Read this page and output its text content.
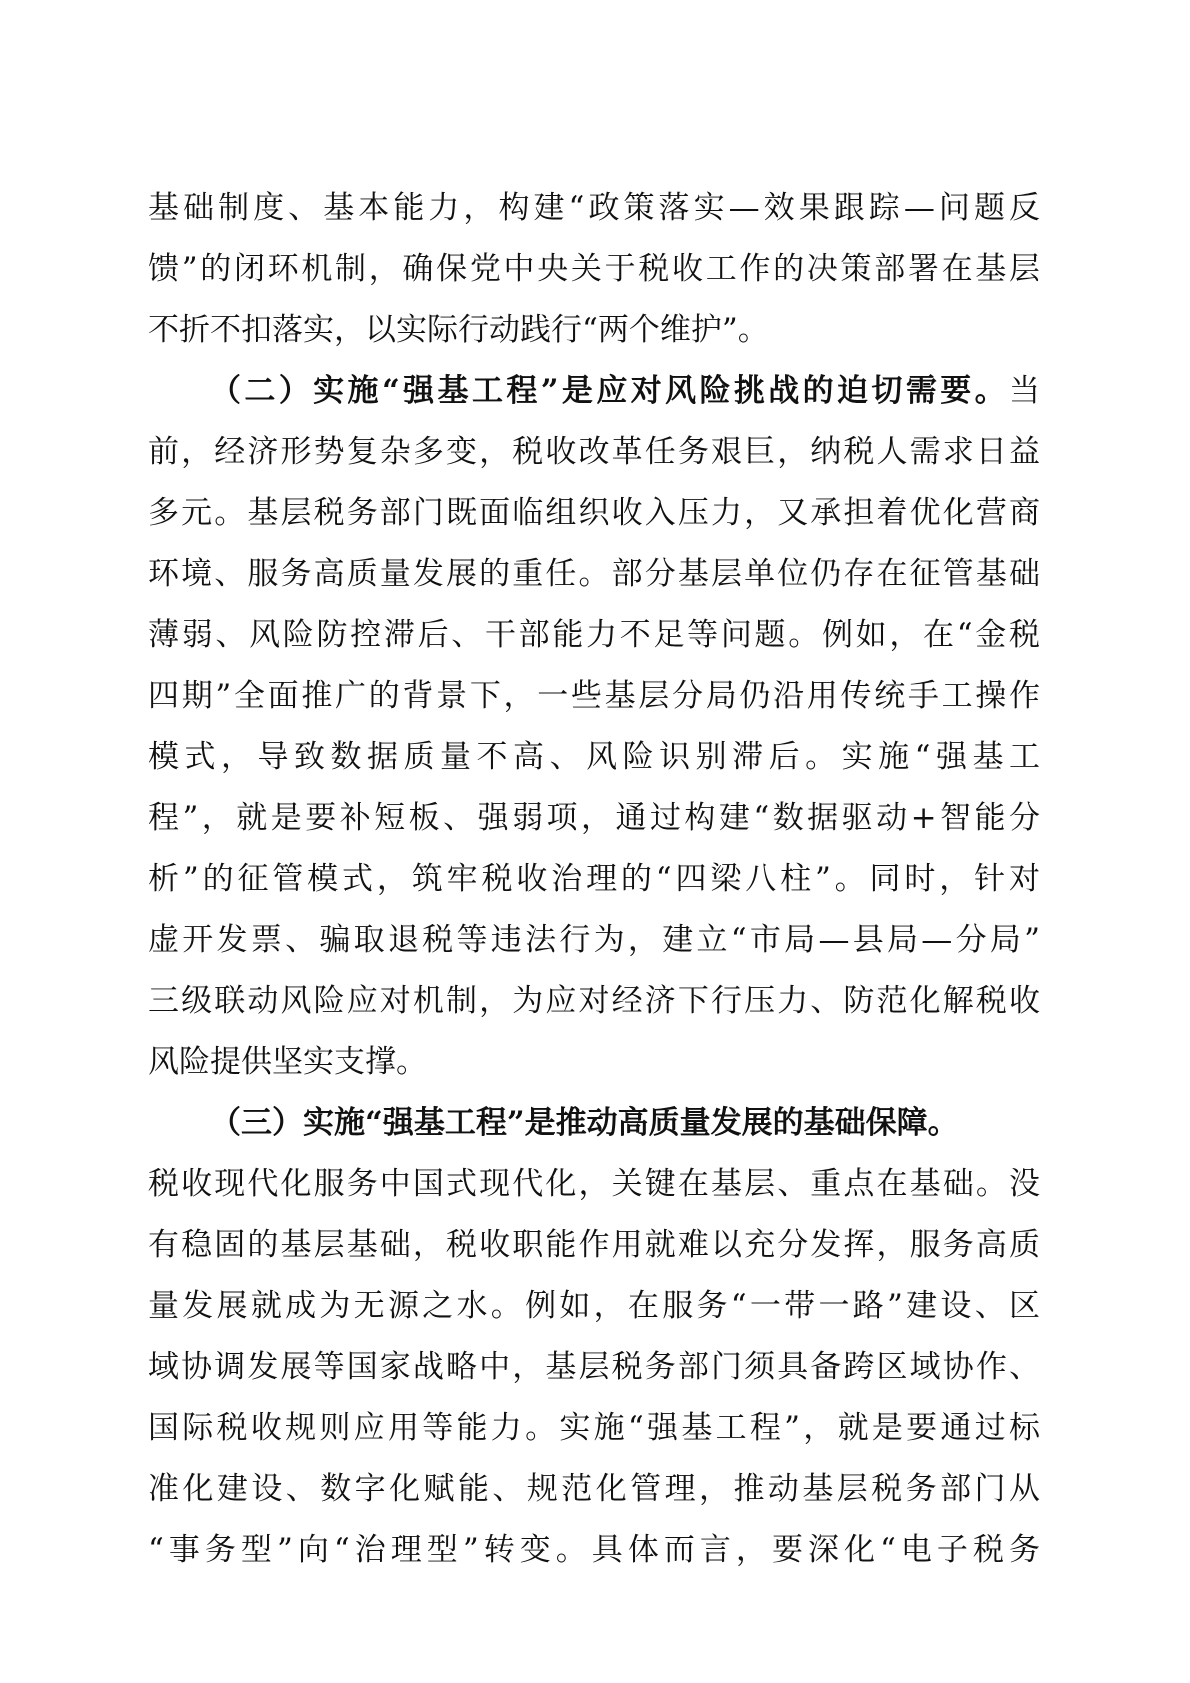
基础制度、基本能力，构建“政策落实—效果跟踪—问题反
馈”的闭环机制，确保党中央关于税收工作的决策部署在基层
不折不扣落实，以实际行动践行“两个维护”。
（二）实施“强基工程”是应对风险挑战的迫切需要。当
前，经济形势复杂多变，税收改革任务艰巨，纳税人需求日益
多元。基层税务部门既面临组织收入压力，又承担着优化营商
环境、服务高质量发展的重任。部分基层单位仍存在征管基础
薄弱、风险防控滞后、干部能力不足等问题。例如，在“金税
四期”全面推广的背景下，一些基层分局仍沿用传统手工操作
模式，导致数据质量不高、风险识别滞后。实施“强基工
程”，就是要补短板、强弱项，通过构建“数据驱动+智能分
析”的征管模式，筑牢税收治理的“四梁八柱”。同时，针对
虚开发票、骗取退税等违法行为，建立“市局—县局—分局”
三级联动风险应对机制，为应对经济下行压力、防范化解税收
风险提供坚实支撑。
（三）实施“强基工程”是推动高质量发展的基础保障。
税收现代化服务中国式现代化，关键在基层、重点在基础。没
有稳固的基层基础，税收职能作用就难以充分发挥，服务高质
量发展就成为无源之水。例如，在服务“一带一路”建设、区
域协调发展等国家战略中，基层税务部门须具备跨区域协作、
国际税收规则应用等能力。实施“强基工程”，就是要通过标
准化建设、数字化赋能、规范化管理，推动基层税务部门从
“事务型”向“治理型”转变。具体而言，要深化“电子税务
